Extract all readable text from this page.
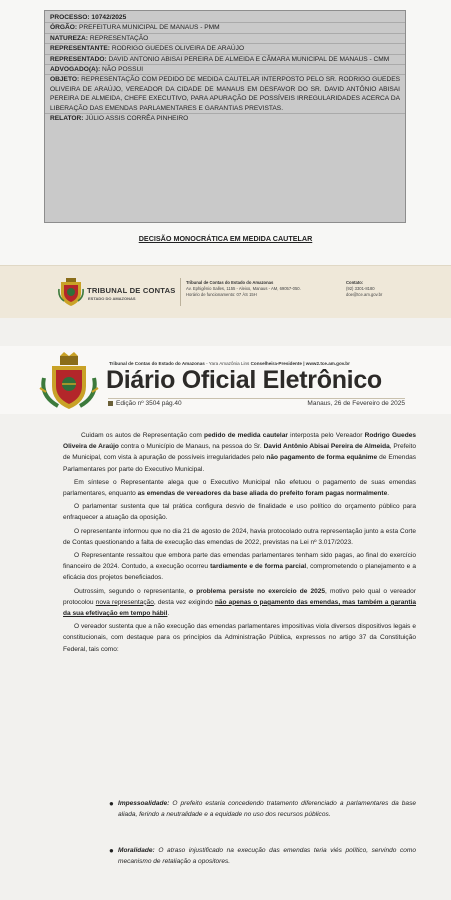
PROCESSO: 10742/2025
ÓRGÃO: PREFEITURA MUNICIPAL DE MANAUS - PMM
NATUREZA: REPRESENTAÇÃO
REPRESENTANTE: RODRIGO GUEDES OLIVEIRA DE ARAÚJO
REPRESENTADO: DAVID ANTONIO ABISAI PEREIRA DE ALMEIDA E CÂMARA MUNICIPAL DE MANAUS - CMM
ADVOGADO(A): NÃO POSSUI
OBJETO: REPRESENTAÇÃO COM PEDIDO DE MEDIDA CAUTELAR INTERPOSTO PELO SR. RODRIGO GUEDES OLIVEIRA DE ARAÚJO, VEREADOR DA CIDADE DE MANAUS EM DESFAVOR DO SR. DAVID ANTÔNIO ABISAI PEREIRA DE ALMEIDA, CHEFE EXECUTIVO, PARA APURAÇÃO DE POSSÍVEIS IRREGULARIDADES ACERCA DA LIBERAÇÃO DAS EMENDAS PARLAMENTARES E GARANTIAS PREVISTAS.
RELATOR: JÚLIO ASSIS CORRÊA PINHEIRO
DECISÃO MONOCRÁTICA EM MEDIDA CAUTELAR
TRIBUNAL DE CONTAS
ESTADO DO AMAZONAS
Tribunal de Contas do Estado do Amazonas
Av. Ephigênio Salles, 1155 - Aleixo, Manaus - AM, 69057-050.
Horário de funcionamento: 07 ÀS 15H
Contato:
(92) 3301-8180
doe@tce.am.gov.br
Tribunal de Contas do Estado do Amazonas - Yara Amazônia Lins Conselheira-Presidente | www2.tce.am.gov.br
Diário Oficial Eletrônico
Edição nº 3504 pág.40	Manaus, 26 de Fevereiro de 2025

Cuidam os autos de Representação com pedido de medida cautelar interposta pelo Vereador Rodrigo Guedes Oliveira de Araújo contra o Município de Manaus, na pessoa do Sr. David Antônio Abisai Pereira de Almeida, Prefeito de Municipal, com vista à apuração de possíveis irregularidades pelo não pagamento de forma equânime de Emendas Parlamentares por parte do Executivo Municipal.

Em síntese o Representante alega que o Executivo Municipal não efetuou o pagamento de suas emendas parlamentares, enquanto as emendas de vereadores da base aliada do prefeito foram pagas normalmente.

O parlamentar sustenta que tal prática configura desvio de finalidade e uso político do orçamento público para enfraquecer a atuação da oposição.

O representante informou que no dia 21 de agosto de 2024, havia protocolado outra representação junto a esta Corte de Contas questionando a falta de execução das emendas de 2022, previstas na Lei nº 3.017/2023.

O Representante ressaltou que embora parte das emendas parlamentares tenham sido pagas, ao final do exercício financeiro de 2024. Contudo, a execução ocorreu tardiamente e de forma parcial, comprometendo o planejamento e a eficácia dos projetos beneficiados.

Outrossim, segundo o representante, o problema persiste no exercício de 2025, motivo pelo qual o vereador protocolou nova representação, desta vez exigindo não apenas o pagamento das emendas, mas também a garantia da sua efetivação em tempo hábil.

O vereador sustenta que a não execução das emendas parlamentares impositivas viola diversos dispositivos legais e constitucionais, com destaque para os princípios da Administração Pública, expressos no artigo 37 da Constituição Federal, tais como:

● Impessoalidade: O prefeito estaria concedendo tratamento diferenciado a parlamentares da base aliada, ferindo a neutralidade e a equidade no uso dos recursos públicos.
● Moralidade: O atraso injustificado na execução das emendas teria viés político, servindo como mecanismo de retaliação a opositores.
